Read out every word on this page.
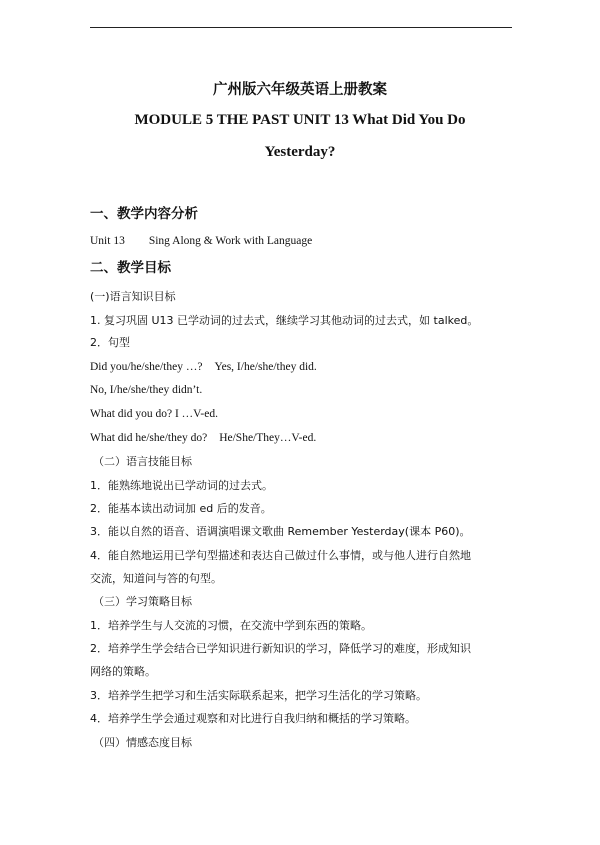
广州版六年级英语上册教案
MODULE 5 THE PAST UNIT 13 What Did You Do
Yesterday?
一、教学内容分析
Unit 13 Sing Along & Work with Language
二、教学目标
(一)语言知识目标
1. 复习巩固 U13 已学动词的过去式，继续学习其他动词的过去式，如 talked。
2．句型
Did you/he/she/they …? Yes, I/he/she/they did.
No, I/he/she/they didn’t.
What did you do? I …V-ed.
What did he/she/they do? He/She/They…V-ed.
（二）语言技能目标
1．能熟练地说出已学动词的过去式。
2．能基本读出动词加 ed 后的发音。
3．能以自然的语音、语调演唱课文歌曲 Remember Yesterday(课本 P60)。
4．能自然地运用已学句型描述和表达自己做过什么事情，或与他人进行自然地
交流，知道问与答的句型。
（三）学习策略目标
1．培养学生与人交流的习惯，在交流中学到东西的策略。
2．培养学生学会结合已学知识进行新知识的学习，降低学习的难度，形成知识
网络的策略。
3．培养学生把学习和生活实际联系起来，把学习生活化的学习策略。
4．培养学生学会通过观察和对比进行自我归纳和概括的学习策略。
（四）情感态度目标
